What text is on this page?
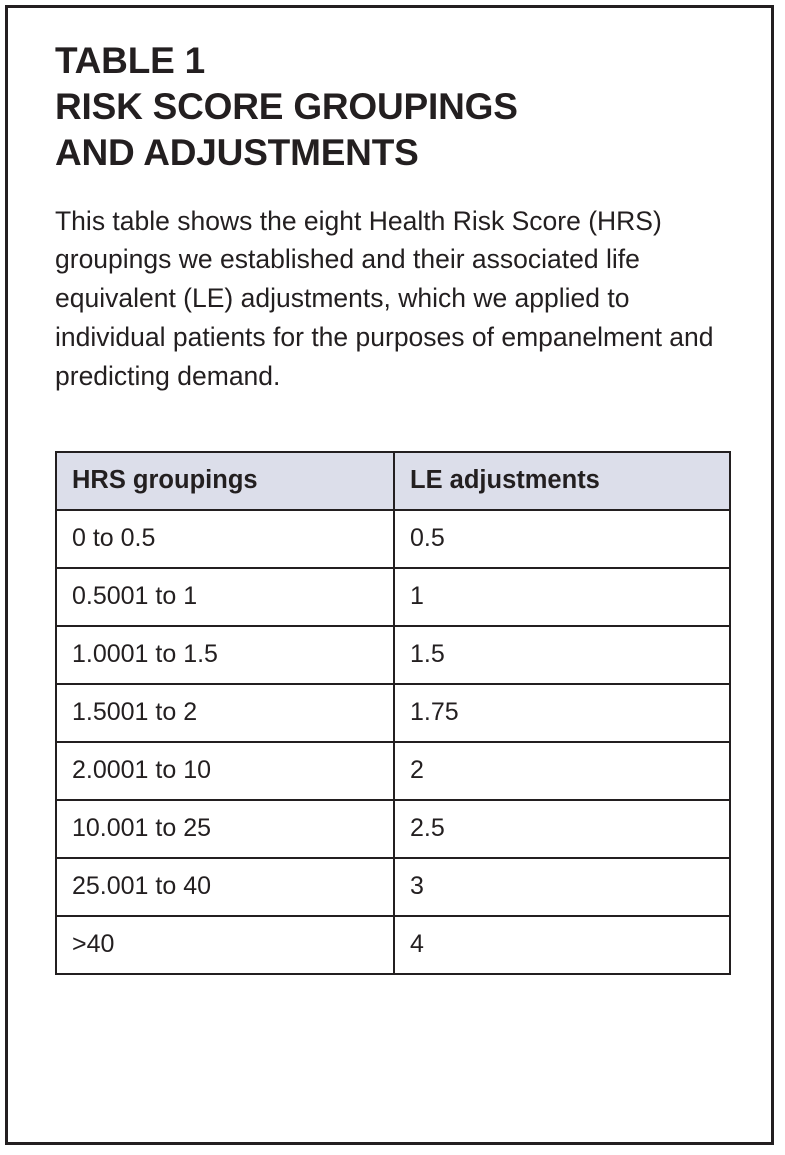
TABLE 1
RISK SCORE GROUPINGS
AND ADJUSTMENTS

This table shows the eight Health Risk Score (HRS) groupings we established and their associated life equivalent (LE) adjustments, which we applied to individual patients for the purposes of empanelment and predicting demand.

HRS groupings	LE adjustments
0 to 0.5	0.5
0.5001 to 1	1
1.0001 to 1.5	1.5
1.5001 to 2	1.75
2.0001 to 10	2
10.001 to 25	2.5
25.001 to 40	3
>40	4
